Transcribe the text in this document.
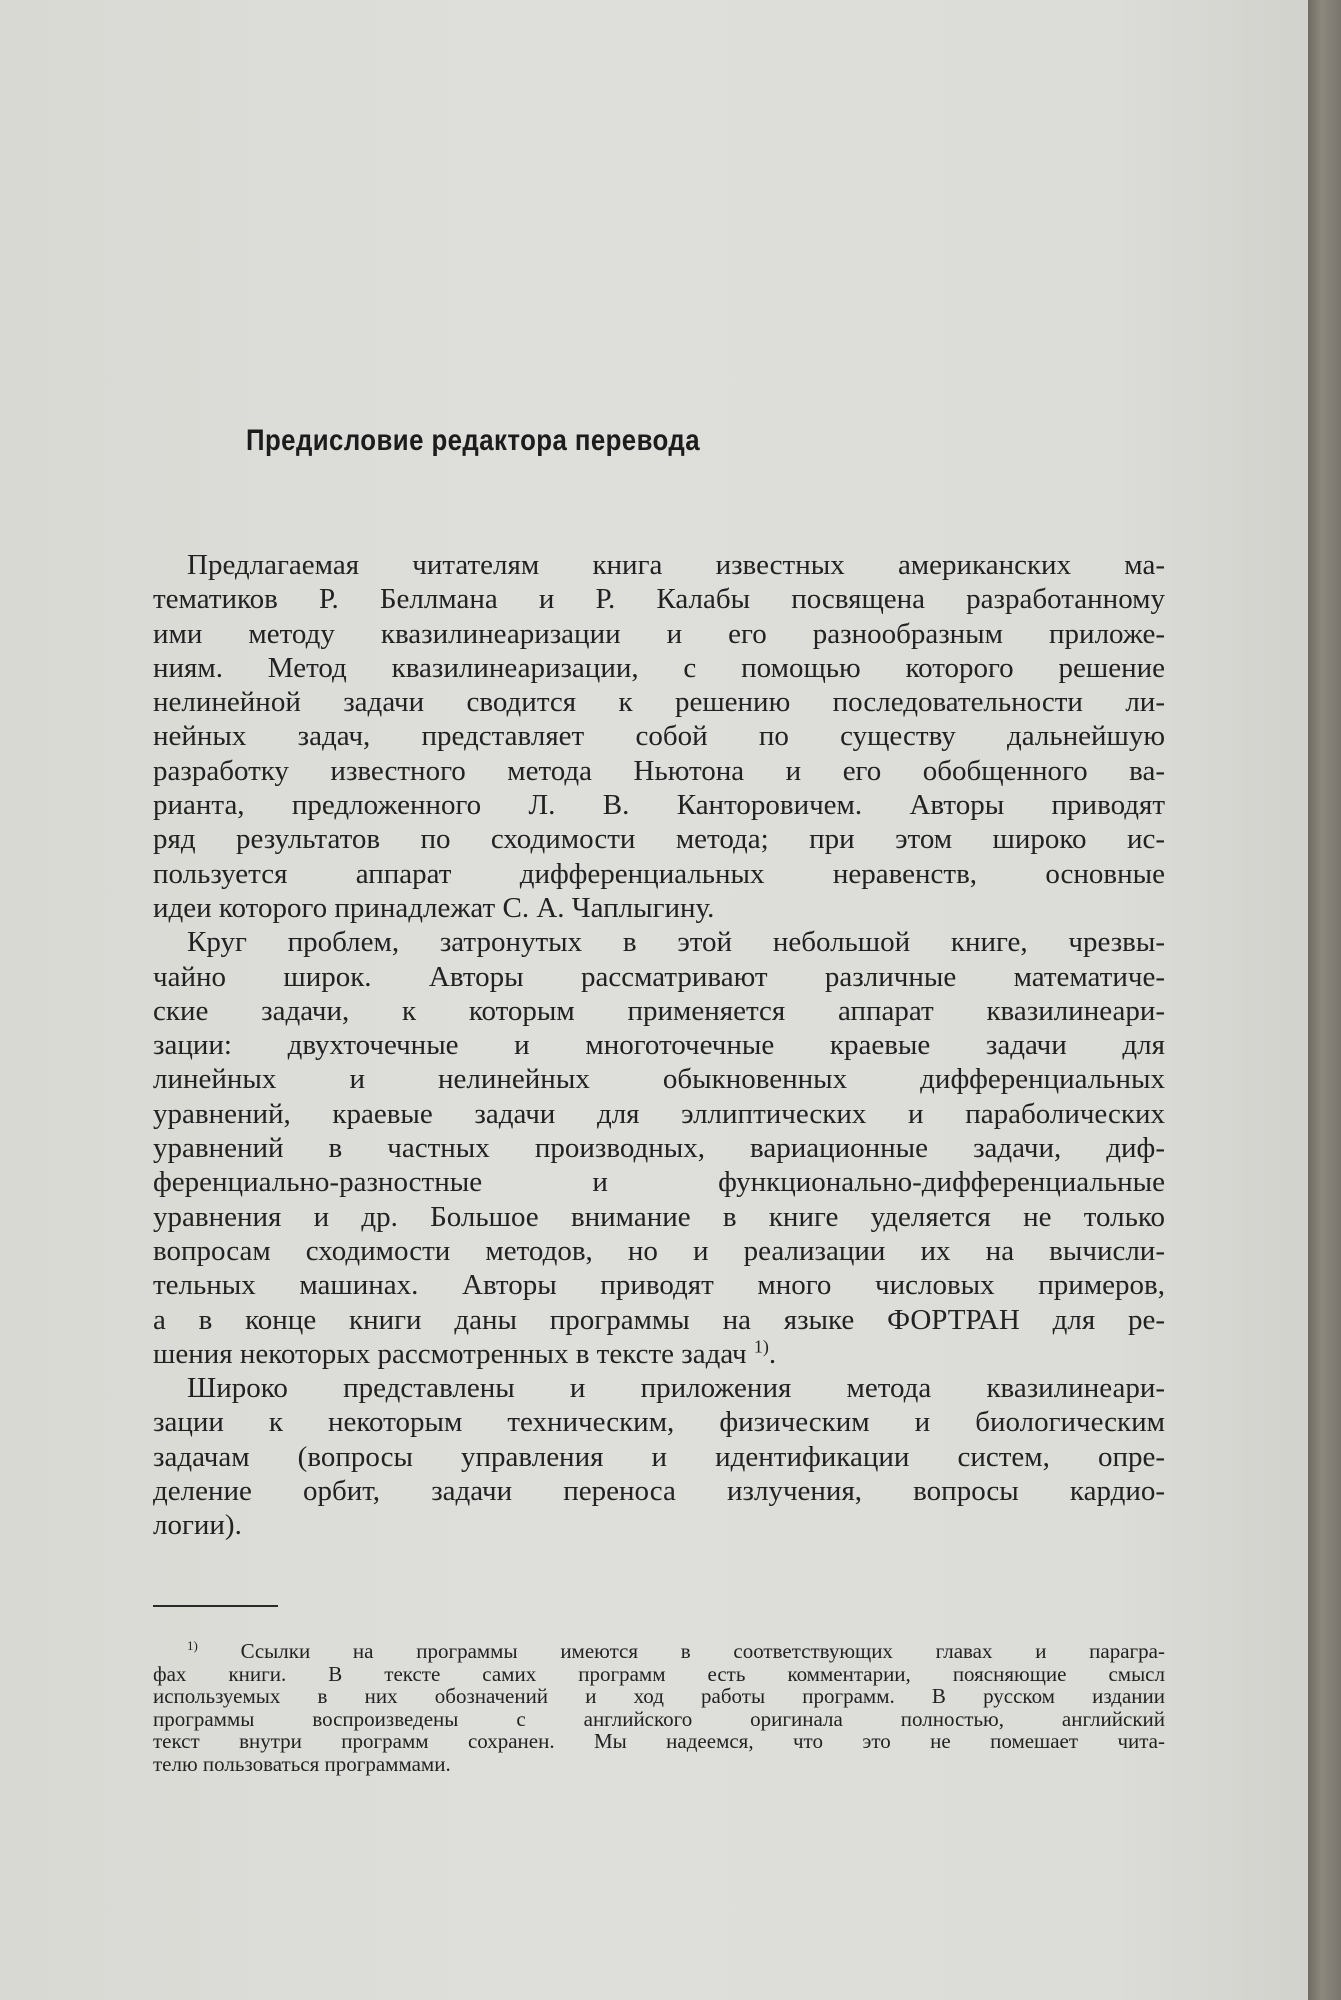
Предисловие редактора перевода
Предлагаемая читателям книга известных американских ма-
тематиков Р. Беллмана и Р. Калабы посвящена разработанному
ими методу квазилинеаризации и его разнообразным приложе-
ниям. Метод квазилинеаризации, с помощью которого решение
нелинейной задачи сводится к решению последовательности ли-
нейных задач, представляет собой по существу дальнейшую
разработку известного метода Ньютона и его обобщенного ва-
рианта, предложенного Л. В. Канторовичем. Авторы приводят
ряд результатов по сходимости метода; при этом широко ис-
пользуется аппарат дифференциальных неравенств, основные
идеи которого принадлежат С. А. Чаплыгину.
Круг проблем, затронутых в этой небольшой книге, чрезвы-
чайно широк. Авторы рассматривают различные математиче-
ские задачи, к которым применяется аппарат квазилинеари-
зации: двухточечные и многоточечные краевые задачи для
линейных и нелинейных обыкновенных дифференциальных
уравнений, краевые задачи для эллиптических и параболических
уравнений в частных производных, вариационные задачи, диф-
ференциально-разностные и функционально-дифференциальные
уравнения и др. Большое внимание в книге уделяется не только
вопросам сходимости методов, но и реализации их на вычисли-
тельных машинах. Авторы приводят много числовых примеров,
а в конце книги даны программы на языке ФОРТРАН для ре-
шения некоторых рассмотренных в тексте задач $^{1)}$.
Широко представлены и приложения метода квазилинеари-
зации к некоторым техническим, физическим и биологическим
задачам (вопросы управления и идентификации систем, опре-
деление орбит, задачи переноса излучения, вопросы кардио-
логии).
$^{1)}$ Ссылки на программы имеются в соответствующих главах и паpагра-
фах книги. В тексте самих программ есть комментарии, поясняющие смысл
используемых в них обозначений и ход работы программ. В русском издании
программы воспроизведены с английского оригинала полностью, английский
текст внутри программ сохранен. Мы надеемся, что это не помешает чита-
телю пользоваться программами.
